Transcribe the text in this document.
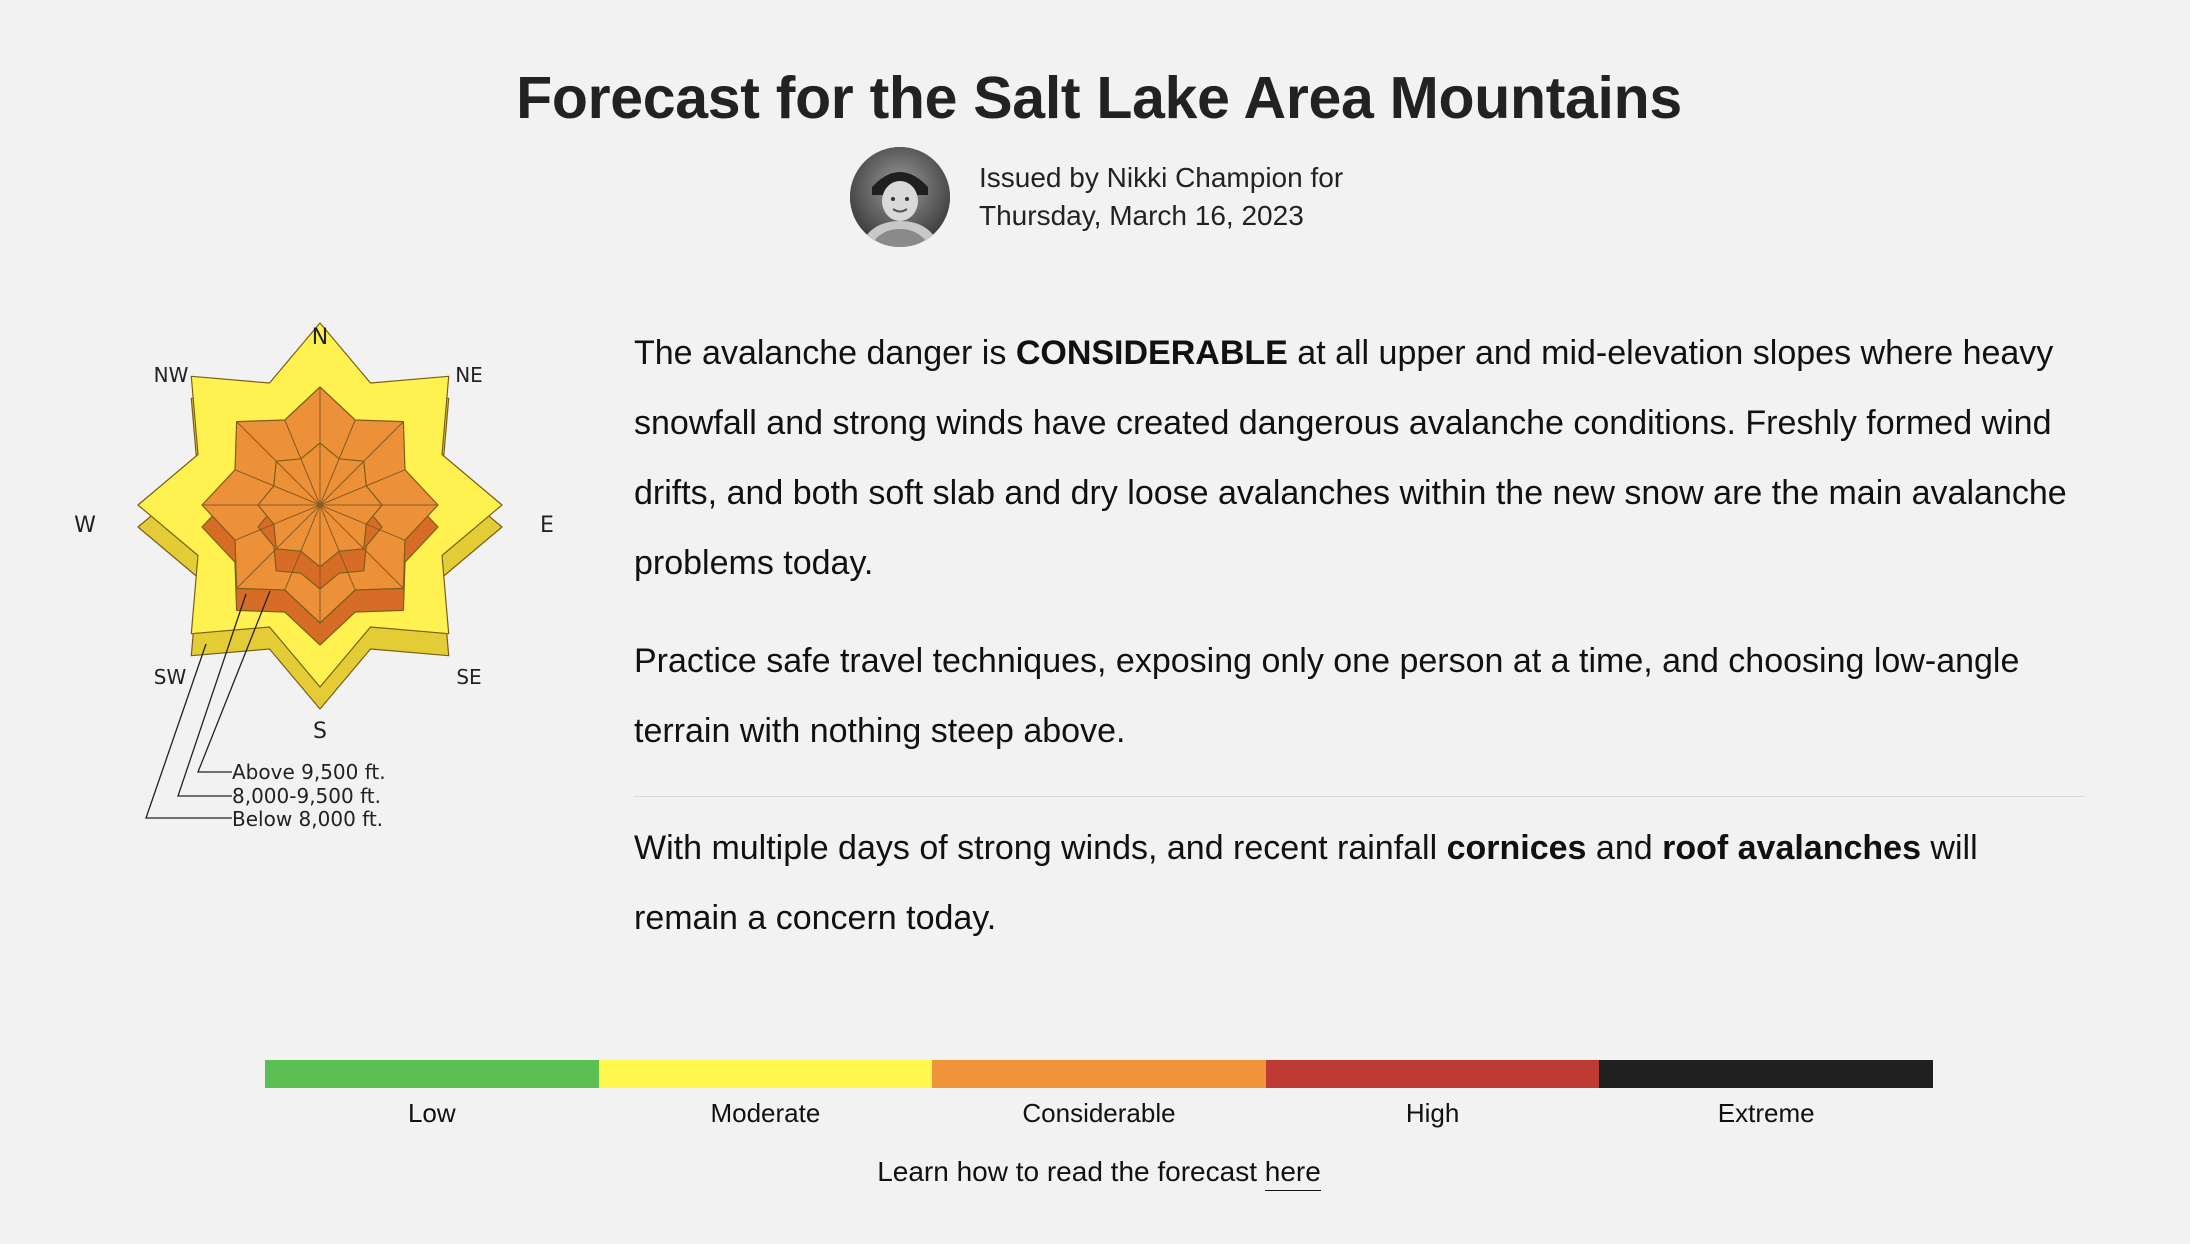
Forecast for the Salt Lake Area Mountains
Issued by Nikki Champion for
Thursday, March 16, 2023
N
NE
E
SE
S
SW
W
NW
Above 9,500 ft.
8,000-9,500 ft.
Below 8,000 ft.

The avalanche danger is CONSIDERABLE at all upper and mid-elevation slopes where heavy snowfall and strong winds have created dangerous avalanche conditions. Freshly formed wind drifts, and both soft slab and dry loose avalanches within the new snow are the main avalanche problems today.

Practice safe travel techniques, exposing only one person at a time, and choosing low-angle terrain with nothing steep above.

With multiple days of strong winds, and recent rainfall cornices and roof avalanches will remain a concern today.

Low	Moderate	Considerable	High	Extreme
Learn how to read the forecast here
